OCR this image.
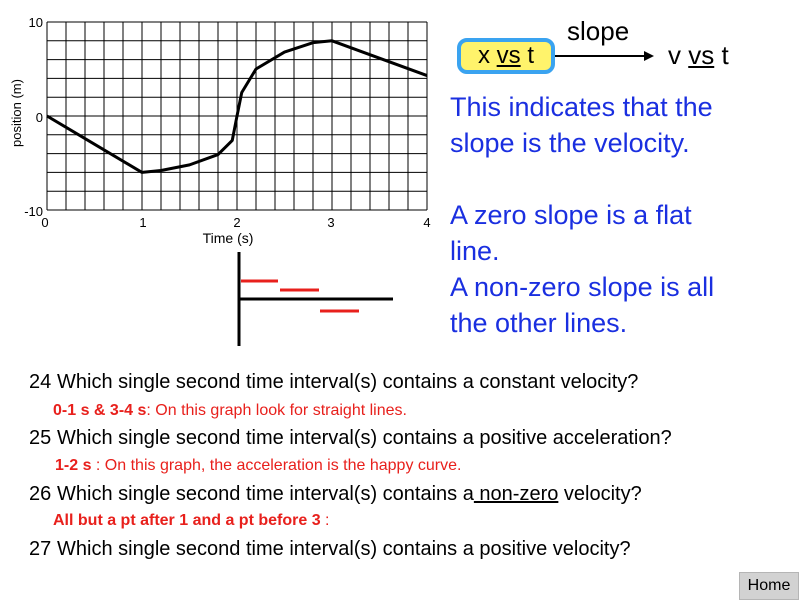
10
0
-10
0	1	2	3	4
Time (s)
position (m)
x vs t
slope
v vs t
This indicates that the
slope is the velocity.
A zero slope is a flat
line.
A non-zero slope is all
the other lines.
24 Which single second time interval(s) contains a constant velocity?
0-1 s & 3-4 s: On this graph look for straight lines.
25 Which single second time interval(s) contains a positive acceleration?
1-2 s : On this graph, the acceleration is the happy curve.
26 Which single second time interval(s) contains a non-zero velocity?
All but a pt after 1 and a pt before 3 :
27 Which single second time interval(s) contains a positive velocity?
Home
